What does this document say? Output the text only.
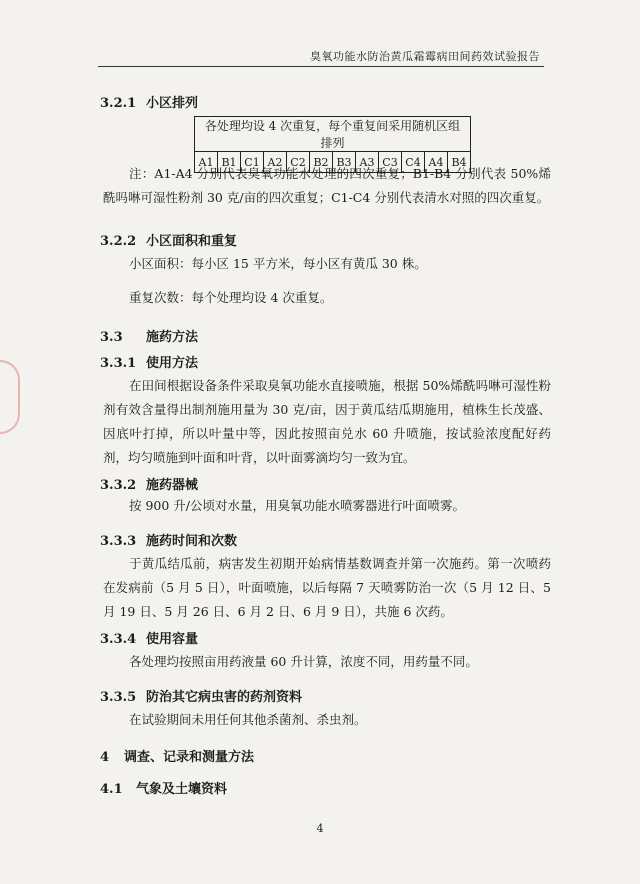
臭氧功能水防治黄瓜霜霉病田间药效试验报告
3.2.1 小区排列
各处理均设 4 次重复，每个重复间采用随机区组排列
A1	B1	C1	A2	C2	B2	B3	A3	C3	C4	A4	B4
注：A1-A4 分别代表臭氧功能水处理的四次重复；B1-B4 分别代表 50%烯酰吗啉可湿性粉剂 30 克/亩的四次重复；C1-C4 分别代表清水对照的四次重复。
3.2.2 小区面积和重复
小区面积：每小区 15 平方米，每小区有黄瓜 30 株。
重复次数：每个处理均设 4 次重复。
3.3 施药方法
3.3.1 使用方法
在田间根据设备条件采取臭氧功能水直接喷施，根据 50%烯酰吗啉可湿性粉剂有效含量得出制剂施用量为 30 克/亩，因于黄瓜结瓜期施用，植株生长茂盛、因底叶打掉，所以叶量中等，因此按照亩兑水 60 升喷施，按试验浓度配好药剂，均匀喷施到叶面和叶背，以叶面雾滴均匀一致为宜。
3.3.2 施药器械
按 900 升/公顷对水量，用臭氧功能水喷雾器进行叶面喷雾。
3.3.3 施药时间和次数
于黄瓜结瓜前，病害发生初期开始病情基数调查并第一次施药。第一次喷药在发病前（5 月 5 日），叶面喷施，以后每隔 7 天喷雾防治一次（5 月 12 日、5 月 19 日、5 月 26 日、6 月 2 日、6 月 9 日），共施 6 次药。
3.3.4 使用容量
各处理均按照亩用药液量 60 升计算，浓度不同，用药量不同。
3.3.5 防治其它病虫害的药剂资料
在试验期间未用任何其他杀菌剂、杀虫剂。
4 调查、记录和测量方法
4.1 气象及土壤资料
4
